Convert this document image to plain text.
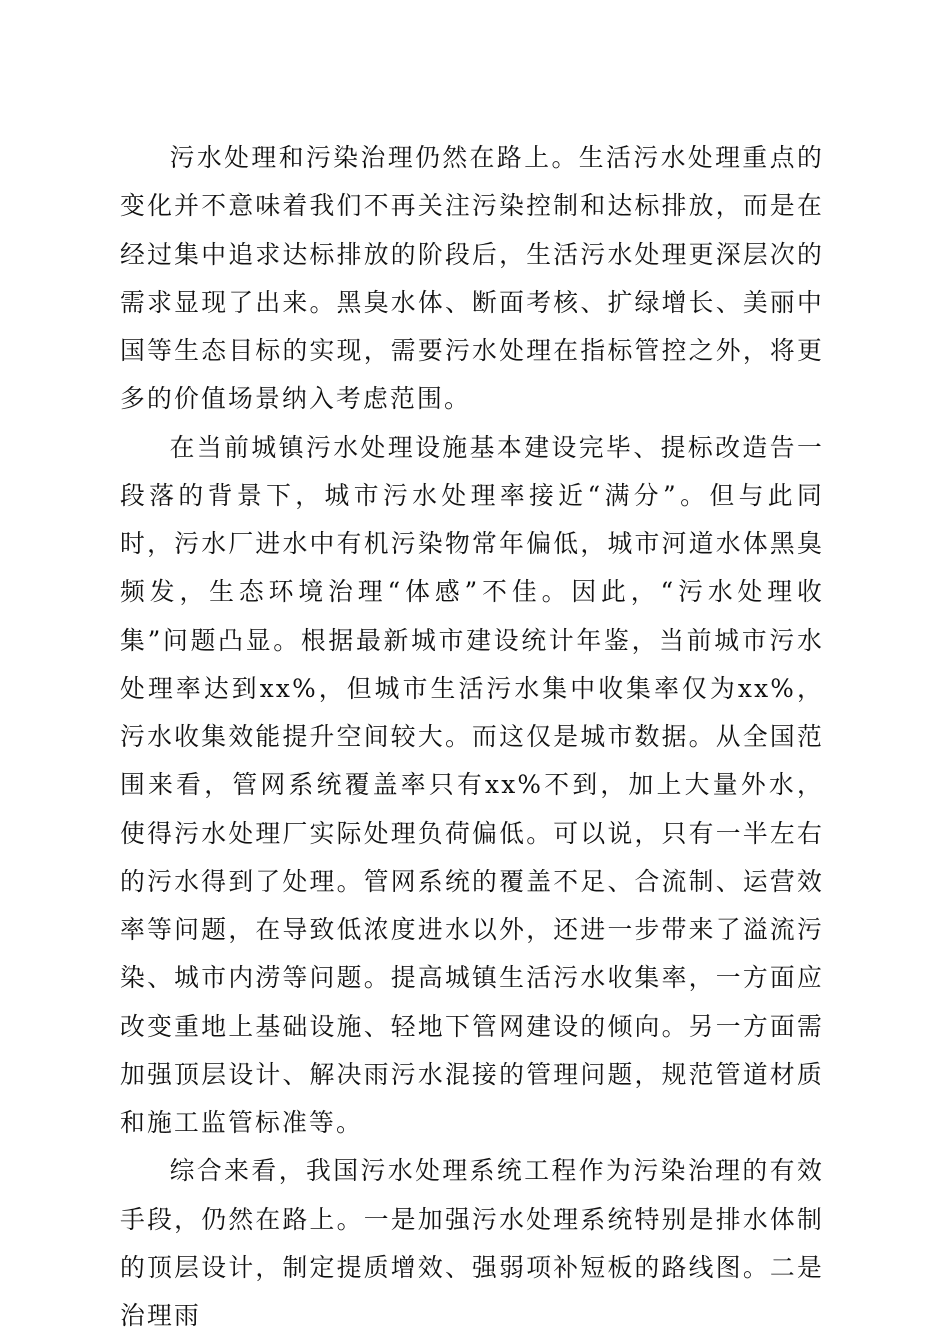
污水处理和污染治理仍然在路上。生活污水处理重点的变化并不意味着我们不再关注污染控制和达标排放，而是在经过集中追求达标排放的阶段后，生活污水处理更深层次的需求显现了出来。黑臭水体、断面考核、扩绿增长、美丽中国等生态目标的实现，需要污水处理在指标管控之外，将更多的价值场景纳入考虑范围。

在当前城镇污水处理设施基本建设完毕、提标改造告一段落的背景下，城市污水处理率接近“满分”。但与此同时，污水厂进水中有机污染物常年偏低，城市河道水体黑臭频发，生态环境治理“体感”不佳。因此，“污水处理收集”问题凸显。根据最新城市建设统计年鉴，当前城市污水处理率达到xx%，但城市生活污水集中收集率仅为xx%，污水收集效能提升空间较大。而这仅是城市数据。从全国范围来看，管网系统覆盖率只有xx%不到，加上大量外水，使得污水处理厂实际处理负荷偏低。可以说，只有一半左右的污水得到了处理。管网系统的覆盖不足、合流制、运营效率等问题，在导致低浓度进水以外，还进一步带来了溢流污染、城市内涝等问题。提高城镇生活污水收集率，一方面应改变重地上基础设施、轻地下管网建设的倾向。另一方面需加强顶层设计、解决雨污水混接的管理问题，规范管道材质和施工监管标准等。

综合来看，我国污水处理系统工程作为污染治理的有效手段，仍然在路上。一是加强污水处理系统特别是排水体制的顶层设计，制定提质增效、强弱项补短板的路线图。二是治理雨
